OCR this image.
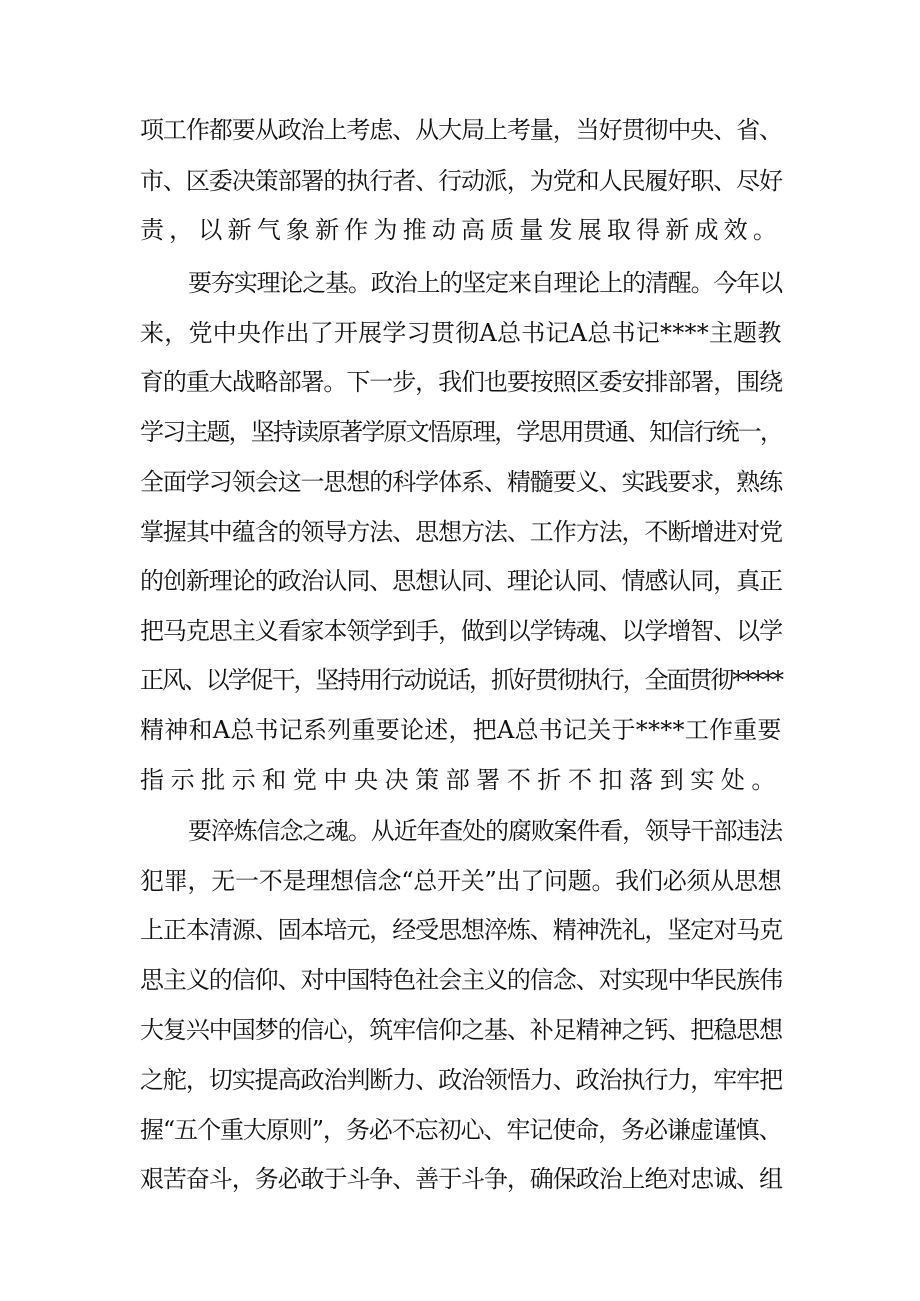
项工作都要从政治上考虑、从大局上考量，当好贯彻中央、省、
市、区委决策部署的执行者、行动派，为党和人民履好职、尽好
责，以新气象新作为推动高质量发展取得新成效。
要夯实理论之基。政治上的坚定来自理论上的清醒。今年以
来，党中央作出了开展学习贯彻A总书记A总书记****主题教
育的重大战略部署。下一步，我们也要按照区委安排部署，围绕
学习主题，坚持读原著学原文悟原理，学思用贯通、知信行统一，
全面学习领会这一思想的科学体系、精髓要义、实践要求，熟练
掌握其中蕴含的领导方法、思想方法、工作方法，不断增进对党
的创新理论的政治认同、思想认同、理论认同、情感认同，真正
把马克思主义看家本领学到手，做到以学铸魂、以学增智、以学
正风、以学促干，坚持用行动说话，抓好贯彻执行，全面贯彻*****
精神和A总书记系列重要论述，把A总书记关于****工作重要
指示批示和党中央决策部署不折不扣落到实处。
要淬炼信念之魂。从近年查处的腐败案件看，领导干部违法
犯罪，无一不是理想信念“总开关”出了问题。我们必须从思想
上正本清源、固本培元，经受思想淬炼、精神洗礼，坚定对马克
思主义的信仰、对中国特色社会主义的信念、对实现中华民族伟
大复兴中国梦的信心，筑牢信仰之基、补足精神之钙、把稳思想
之舵，切实提高政治判断力、政治领悟力、政治执行力，牢牢把
握“五个重大原则”，务必不忘初心、牢记使命，务必谦虚谨慎、
艰苦奋斗，务必敢于斗争、善于斗争，确保政治上绝对忠诚、组
